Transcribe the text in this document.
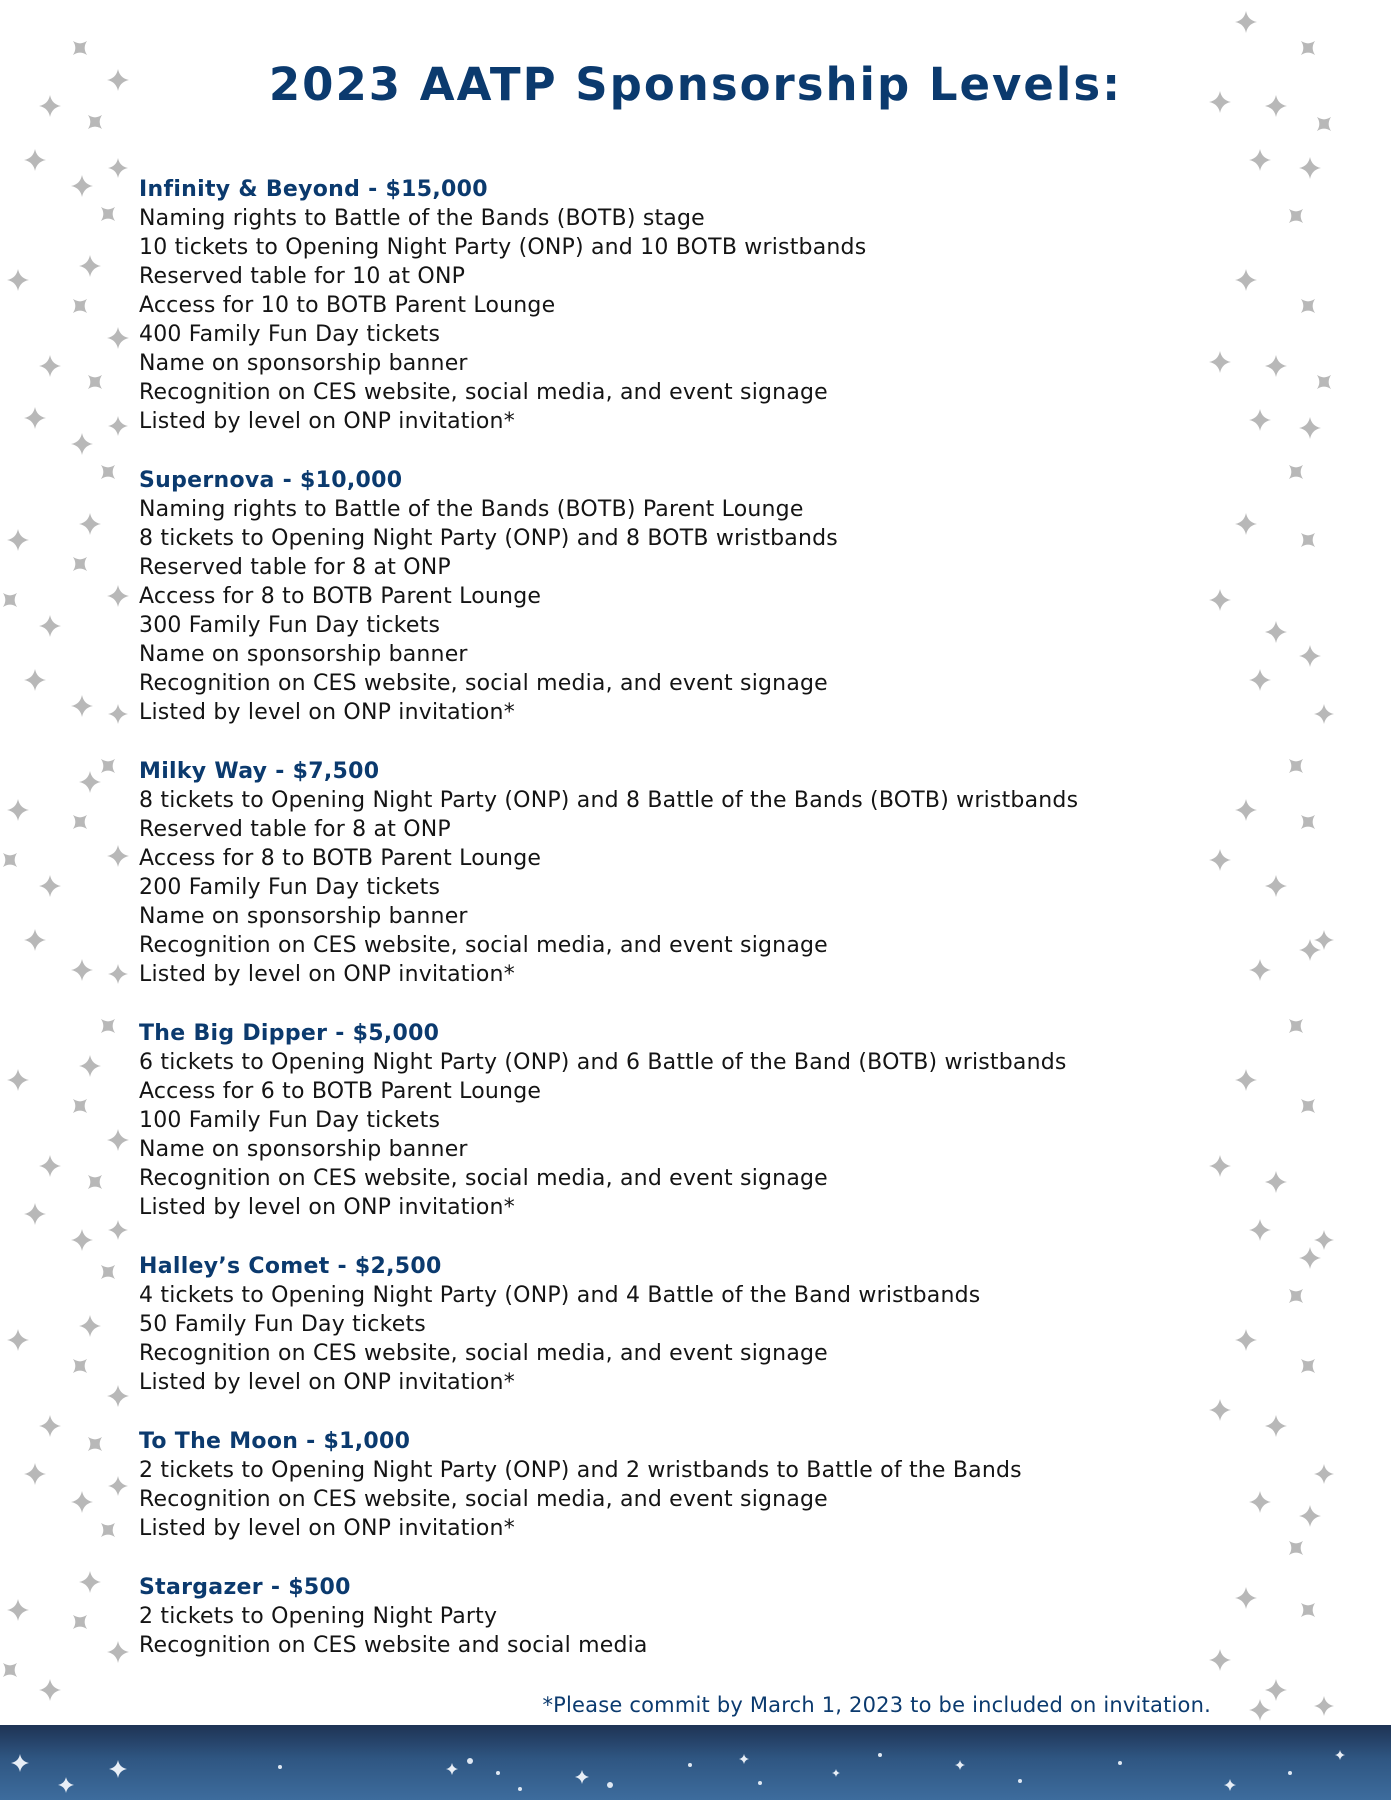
2023 AATP Sponsorship Levels:
Infinity & Beyond - $15,000
Naming rights to Battle of the Bands (BOTB) stage
10 tickets to Opening Night Party (ONP) and 10 BOTB wristbands
Reserved table for 10 at ONP
Access for 10 to BOTB Parent Lounge
400 Family Fun Day tickets
Name on sponsorship banner
Recognition on CES website, social media, and event signage
Listed by level on ONP invitation*
Supernova - $10,000
Naming rights to Battle of the Bands (BOTB) Parent Lounge
8 tickets to Opening Night Party (ONP) and 8 BOTB wristbands
Reserved table for 8 at ONP
Access for 8 to BOTB Parent Lounge
300 Family Fun Day tickets
Name on sponsorship banner
Recognition on CES website, social media, and event signage
Listed by level on ONP invitation*
Milky Way - $7,500
8 tickets to Opening Night Party (ONP) and 8 Battle of the Bands (BOTB) wristbands
Reserved table for 8 at ONP
Access for 8 to BOTB Parent Lounge
200 Family Fun Day tickets
Name on sponsorship banner
Recognition on CES website, social media, and event signage
Listed by level on ONP invitation*
The Big Dipper - $5,000
6 tickets to Opening Night Party (ONP) and 6 Battle of the Band (BOTB) wristbands
Access for 6 to BOTB Parent Lounge
100 Family Fun Day tickets
Name on sponsorship banner
Recognition on CES website, social media, and event signage
Listed by level on ONP invitation*
Halley’s Comet - $2,500
4 tickets to Opening Night Party (ONP) and 4 Battle of the Band wristbands
50 Family Fun Day tickets
Recognition on CES website, social media, and event signage
Listed by level on ONP invitation*
To The Moon - $1,000
2 tickets to Opening Night Party (ONP) and 2 wristbands to Battle of the Bands
Recognition on CES website, social media, and event signage
Listed by level on ONP invitation*
Stargazer - $500
2 tickets to Opening Night Party
Recognition on CES website and social media
*Please commit by March 1, 2023 to be included on invitation.
